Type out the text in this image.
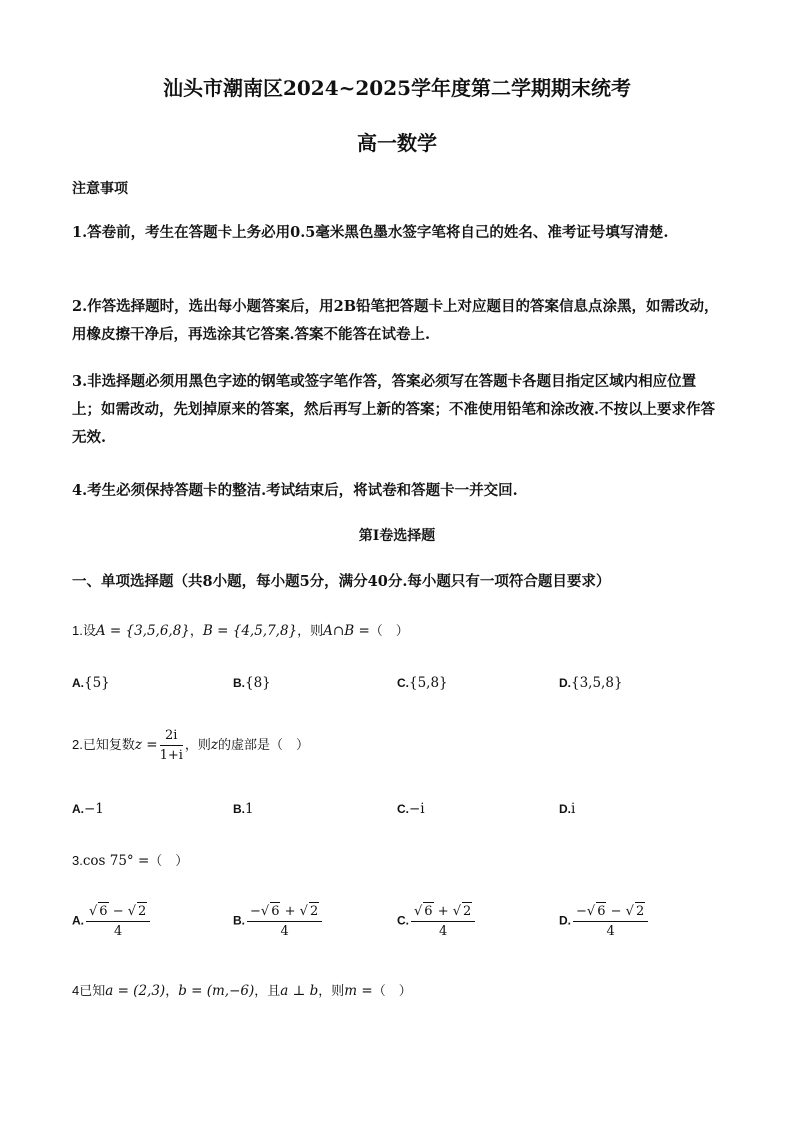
汕头市潮南区2024~2025学年度第二学期期末统考
高一数学
注意事项
1.答卷前，考生在答题卡上务必用0.5毫米黑色墨水签字笔将自己的姓名、准考证号填写清楚.
2.作答选择题时，选出每小题答案后，用2B铅笔把答题卡上对应题目的答案信息点涂黑，如需改动，用橡皮擦干净后，再选涂其它答案.答案不能答在试卷上.
3.非选择题必须用黑色字迹的钢笔或签字笔作答，答案必须写在答题卡各题目指定区域内相应位置上；如需改动，先划掉原来的答案，然后再写上新的答案；不准使用铅笔和涂改液.不按以上要求作答无效.
4.考生必须保持答题卡的整洁.考试结束后，将试卷和答题卡一并交回.
第Ⅰ卷选择题
一、单项选择题（共8小题，每小题5分，满分40分.每小题只有一项符合题目要求）
1.设A = {3,5,6,8}，B = {4,5,7,8}，则A∩B =（　）
A.{5}	B.{8}	C.{5,8}	D.{3,5,8}
2.已知复数$z = \frac{2i}{1+i}$ ，则z的虚部是（　）
A.−1	B.1	C.−i	D.i
3.cos 75° =（　）
A. $\frac{√ 6 - √ 2}{4}$	B. $\frac{-√ 6 + √ 2}{4}$	C. $\frac{√ 6 + √ 2}{4}$	D. $\frac{-√ 6 - √ 2}{4}$
4已知a = (2,3)，b = (m,−6)，且a ⊥ b，则m =（　）
